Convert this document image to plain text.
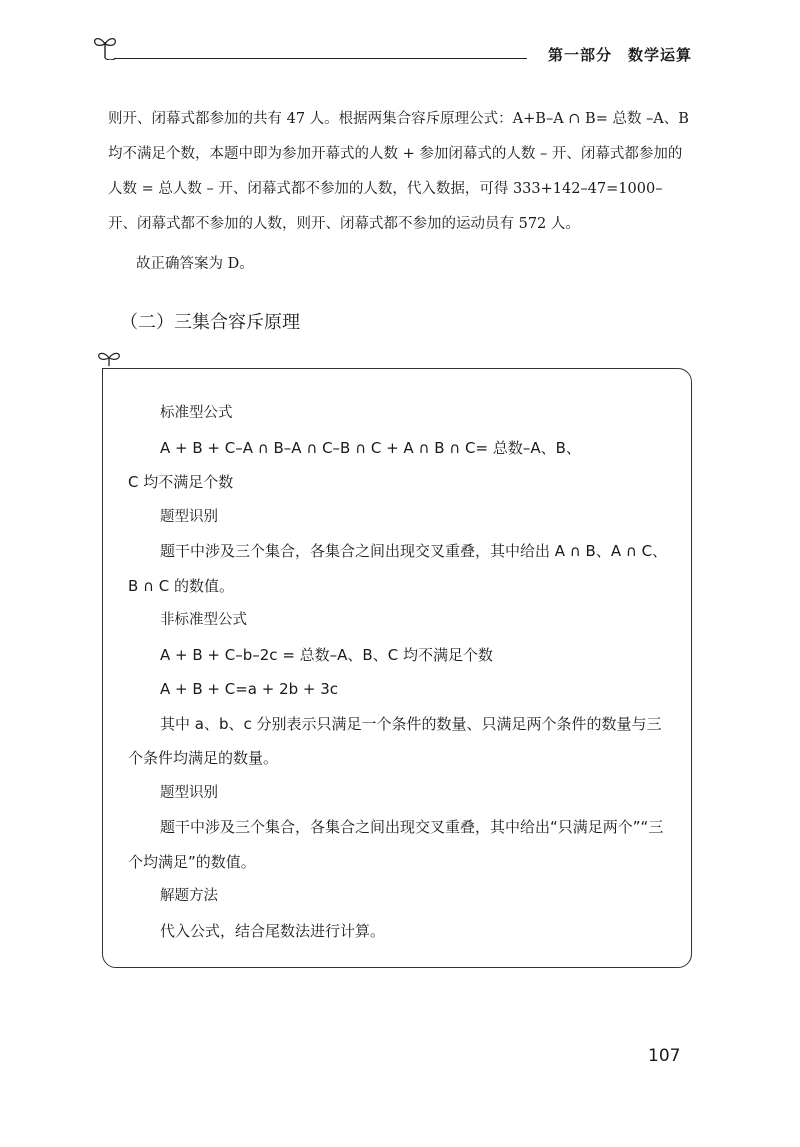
第一部分　数学运算

则开、闭幕式都参加的共有 47 人。根据两集合容斥原理公式：A+B–A ∩ B= 总数 –A、B 均不满足个数，本题中即为参加开幕式的人数 + 参加闭幕式的人数 – 开、闭幕式都参加的人数 = 总人数 – 开、闭幕式都不参加的人数，代入数据，可得 333+142–47=1000– 开、闭幕式都不参加的人数，则开、闭幕式都不参加的运动员有 572 人。

故正确答案为 D。

（二）三集合容斥原理
标准型公式
A + B + C–A ∩ B–A ∩ C–B ∩ C + A ∩ B ∩ C= 总数–A、B、
C 均不满足个数
题型识别
题干中涉及三个集合，各集合之间出现交叉重叠，其中给出 A ∩ B、A ∩ C、B ∩ C 的数值。
非标准型公式
A + B + C–b–2c = 总数–A、B、C 均不满足个数
A + B + C=a + 2b + 3c
其中 a、b、c 分别表示只满足一个条件的数量、只满足两个条件的数量与三个条件均满足的数量。
题型识别
题干中涉及三个集合，各集合之间出现交叉重叠，其中给出“只满足两个”“三个均满足”的数值。
解题方法
代入公式，结合尾数法进行计算。
107
